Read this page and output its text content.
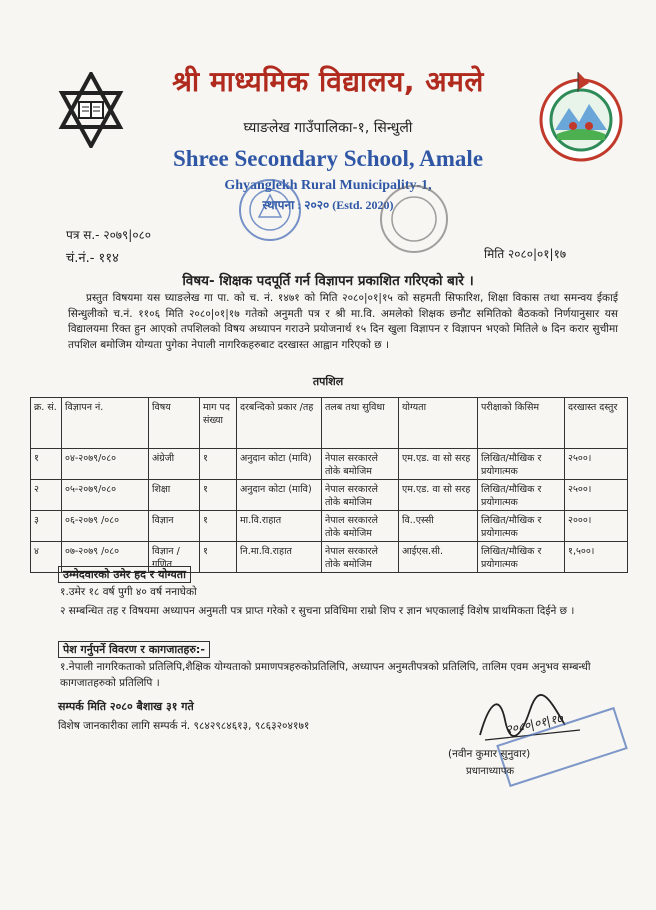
श्री माध्यमिक विद्यालय, अमले
घ्याङलेख गाउँपालिका-१, सिन्धुली
Shree Secondary School, Amale
Ghyanglekh Rural Municipality-1,
स्थापना : २०२० (Estd. 2020)
पत्र स.- २०७९|०८०
चं.नं.- ११४	मिति २०८०|०१|१७
विषय- शिक्षक पदपूर्ति गर्न विज्ञापन प्रकाशित गरिएको बारे ।
प्रस्तुत विषयमा यस घ्याङलेख गा पा. को च. नं. १४७१ को मिति २०८०|०१|१५ को सहमती सिफारिश, शिक्षा विकास तथा समन्वय ईकाई सिन्धुलीको च.नं. ११०६ मिति २०८०|०१|१७ गतेको अनुमती पत्र र श्री मा.वि. अमलेको शिक्षक छनौट समितिको बैठकको निर्णयानुसार यस विद्यालयमा रिक्त हुन आएको तपशिलको विषय अध्यापन गराउने प्रयोजनार्थ १५ दिन खुला विज्ञापन र विज्ञापन भएको मितिले ७ दिन करार सुचीमा तपशिल बमोजिम योग्यता पुगेका नेपाली नागरिकहरुबाट दरखास्त आह्वान गरिएको छ ।
तपशिल
क्र. सं.	विज्ञापन नं.	विषय	माग पद संख्या	दरबन्दिको प्रकार /तह	तलब तथा सुविधा	योग्यता	परीक्षाको किसिम	दरखास्त दस्तुर
१	०४-२०७९/०८०	अंग्रेजी	१	अनुदान कोटा (मावि)	नेपाल सरकारले तोके बमोजिम	एम.एड. वा सो सरह	लिखित/मौखिक र प्रयोगात्मक	२५००।
२	०५-२०७९/०८०	शिक्षा	१	अनुदान कोटा (मावि)	नेपाल सरकारले तोके बमोजिम	एम.एड. वा सो सरह	लिखित/मौखिक र प्रयोगात्मक	२५००।
३	०६-२०७९ /०८०	विज्ञान	१	मा.वि.राहात	नेपाल सरकारले तोके बमोजिम	वि..एस्सी	लिखित/मौखिक र प्रयोगात्मक	२०००।
४	०७-२०७९ /०८०	विज्ञान /गणित	१	नि.मा.वि.राहात	नेपाल सरकारले तोके बमोजिम	आईएस.सी.	लिखित/मौखिक र प्रयोगात्मक	१,५००।
उम्मेदवारको उमेर हद र योग्यता
१.उमेर १८ वर्ष पुगी ४० वर्ष ननाघेको
२ सम्बन्धित तह र विषयमा अध्यापन अनुमती पत्र प्राप्त गरेको र सुचना प्रविधिमा राम्रो शिप र ज्ञान भएकालाई विशेष प्राथमिकता दिईने छ ।
पेश गर्नुपर्ने विवरण र कागजातहरु:-
१.नेपाली नागरिकताको प्रतिलिपि,शैक्षिक योग्यताको प्रमाणपत्रहरुकोप्रतिलिपि, अध्यापन अनुमतीपत्रको प्रतिलिपि, तालिम एवम अनुभव सम्बन्धी कागजातहरुको प्रतिलिपि ।
सम्पर्क मिति २०८० बैशाख ३१ गते
विशेष जानकारीका लागि सम्पर्क नं. ९८४२९८४६१३, ९८६३२०४१७१	२०८०|०१|१७
(नवीन कुमार सुनुवार)
प्रधानाध्यापक
